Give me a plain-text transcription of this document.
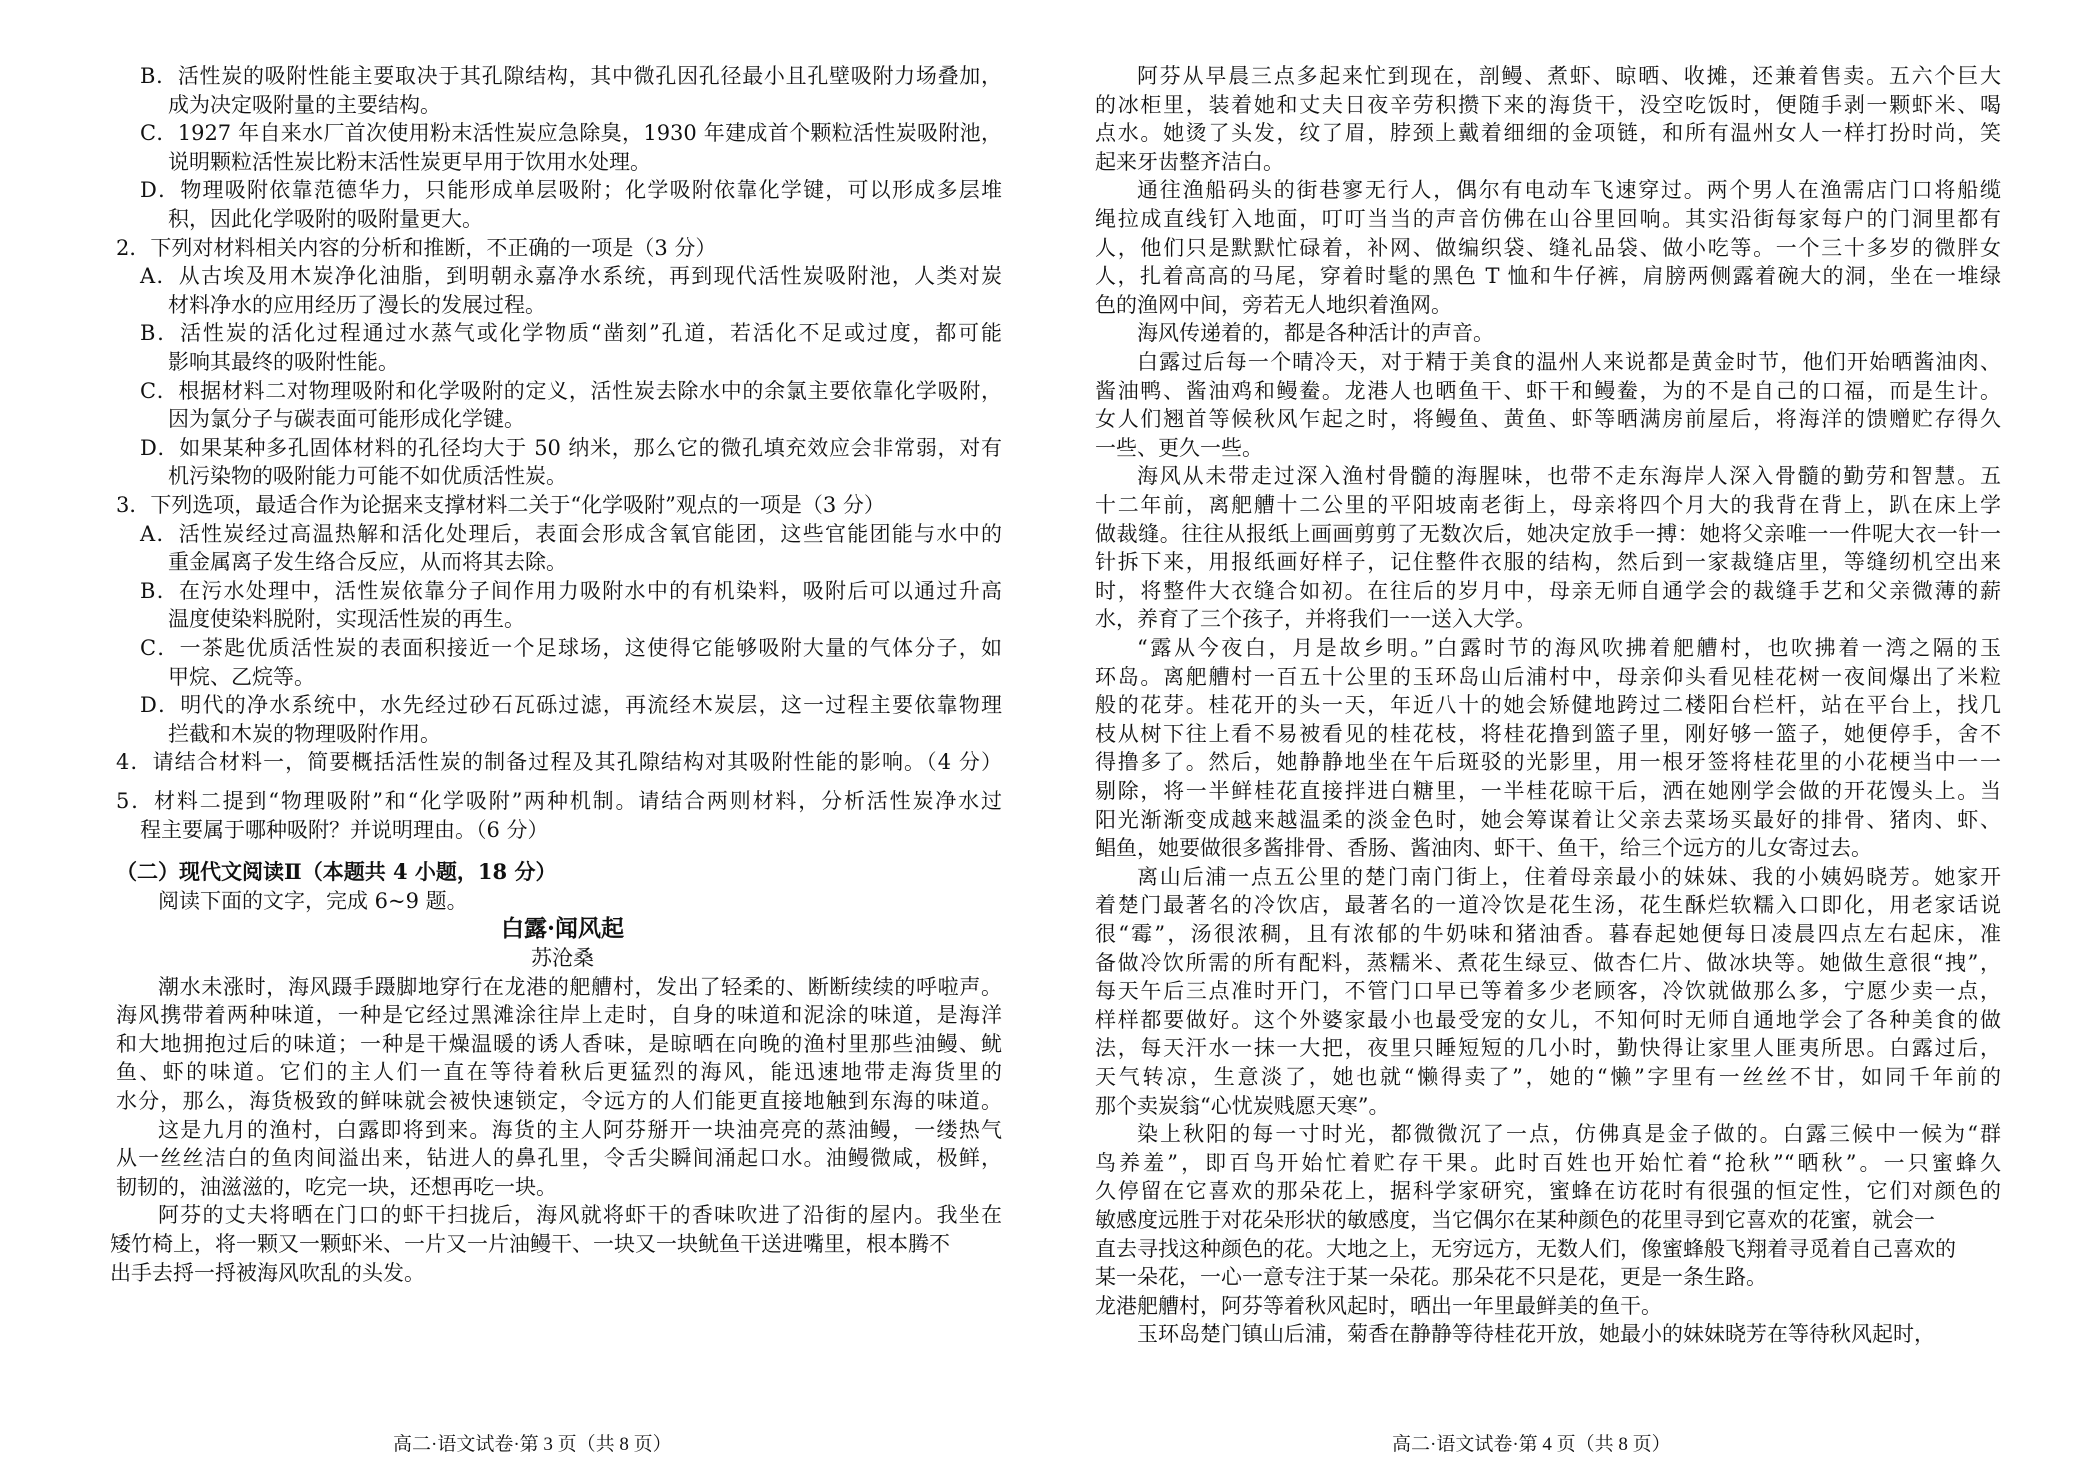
B．活性炭的吸附性能主要取决于其孔隙结构，其中微孔因孔径最小且孔壁吸附力场叠加，
成为决定吸附量的主要结构。
C．1927 年自来水厂首次使用粉末活性炭应急除臭，1930 年建成首个颗粒活性炭吸附池，
说明颗粒活性炭比粉末活性炭更早用于饮用水处理。
D．物理吸附依靠范德华力，只能形成单层吸附；化学吸附依靠化学键，可以形成多层堆
积，因此化学吸附的吸附量更大。
2．下列对材料相关内容的分析和推断，不正确的一项是（3 分）
A．从古埃及用木炭净化油脂，到明朝永嘉净水系统，再到现代活性炭吸附池，人类对炭
材料净水的应用经历了漫长的发展过程。
B．活性炭的活化过程通过水蒸气或化学物质“凿刻”孔道，若活化不足或过度，都可能
影响其最终的吸附性能。
C．根据材料二对物理吸附和化学吸附的定义，活性炭去除水中的余氯主要依靠化学吸附，
因为氯分子与碳表面可能形成化学键。
D．如果某种多孔固体材料的孔径均大于 50 纳米，那么它的微孔填充效应会非常弱，对有
机污染物的吸附能力可能不如优质活性炭。
3．下列选项，最适合作为论据来支撑材料二关于“化学吸附”观点的一项是（3 分）
A．活性炭经过高温热解和活化处理后，表面会形成含氧官能团，这些官能团能与水中的
重金属离子发生络合反应，从而将其去除。
B．在污水处理中，活性炭依靠分子间作用力吸附水中的有机染料，吸附后可以通过升高
温度使染料脱附，实现活性炭的再生。
C．一茶匙优质活性炭的表面积接近一个足球场，这使得它能够吸附大量的气体分子，如
甲烷、乙烷等。
D．明代的净水系统中，水先经过砂石瓦砾过滤，再流经木炭层，这一过程主要依靠物理
拦截和木炭的物理吸附作用。
4．请结合材料一，简要概括活性炭的制备过程及其孔隙结构对其吸附性能的影响。（4 分）
5．材料二提到“物理吸附”和“化学吸附”两种机制。请结合两则材料，分析活性炭净水过
程主要属于哪种吸附？并说明理由。（6 分）
（二）现代文阅读Ⅱ（本题共 4 小题，18 分）
阅读下面的文字，完成 6~9 题。
白露·闻风起
苏沧桑
潮水未涨时，海风蹑手蹑脚地穿行在龙港的舥艚村，发出了轻柔的、断断续续的呼啦声。
海风携带着两种味道，一种是它经过黑滩涂往岸上走时，自身的味道和泥涂的味道，是海洋
和大地拥抱过后的味道；一种是干燥温暖的诱人香味，是晾晒在向晚的渔村里那些油鳗、鱿
鱼、虾的味道。它们的主人们一直在等待着秋后更猛烈的海风，能迅速地带走海货里的
水分，那么，海货极致的鲜味就会被快速锁定，令远方的人们能更直接地触到东海的味道。
这是九月的渔村，白露即将到来。海货的主人阿芬掰开一块油亮亮的蒸油鳗，一缕热气
从一丝丝洁白的鱼肉间溢出来，钻进人的鼻孔里，令舌尖瞬间涌起口水。油鳗微咸，极鲜，
韧韧的，油滋滋的，吃完一块，还想再吃一块。
阿芬的丈夫将晒在门口的虾干扫拢后，海风就将虾干的香味吹进了沿街的屋内。我坐在
阿芬从早晨三点多起来忙到现在，剖鳗、煮虾、晾晒、收摊，还兼着售卖。五六个巨大
的冰柜里，装着她和丈夫日夜辛劳积攒下来的海货干，没空吃饭时，便随手剥一颗虾米、喝
点水。她烫了头发，纹了眉，脖颈上戴着细细的金项链，和所有温州女人一样打扮时尚，笑
起来牙齿整齐洁白。
通往渔船码头的街巷寥无行人，偶尔有电动车飞速穿过。两个男人在渔需店门口将船缆
绳拉成直线钉入地面，叮叮当当的声音仿佛在山谷里回响。其实沿街每家每户的门洞里都有
人，他们只是默默忙碌着，补网、做编织袋、缝礼品袋、做小吃等。一个三十多岁的微胖女
人，扎着高高的马尾，穿着时髦的黑色 T 恤和牛仔裤，肩膀两侧露着碗大的洞，坐在一堆绿
色的渔网中间，旁若无人地织着渔网。
海风传递着的，都是各种活计的声音。
白露过后每一个晴冷天，对于精于美食的温州人来说都是黄金时节，他们开始晒酱油肉、
酱油鸭、酱油鸡和鳗鲞。龙港人也晒鱼干、虾干和鳗鲞，为的不是自己的口福，而是生计。
女人们翘首等候秋风乍起之时，将鳗鱼、黄鱼、虾等晒满房前屋后，将海洋的馈赠贮存得久
一些、更久一些。
海风从未带走过深入渔村骨髓的海腥味，也带不走东海岸人深入骨髓的勤劳和智慧。五
十二年前，离舥艚十二公里的平阳坡南老街上，母亲将四个月大的我背在背上，趴在床上学
做裁缝。往往从报纸上画画剪剪了无数次后，她决定放手一搏：她将父亲唯一一件呢大衣一针一
针拆下来，用报纸画好样子，记住整件衣服的结构，然后到一家裁缝店里，等缝纫机空出来
时，将整件大衣缝合如初。在往后的岁月中，母亲无师自通学会的裁缝手艺和父亲微薄的薪
水，养育了三个孩子，并将我们一一送入大学。
“露从今夜白，月是故乡明。”白露时节的海风吹拂着舥艚村，也吹拂着一湾之隔的玉
环岛。离舥艚村一百五十公里的玉环岛山后浦村中，母亲仰头看见桂花树一夜间爆出了米粒
般的花芽。桂花开的头一天，年近八十的她会矫健地跨过二楼阳台栏杆，站在平台上，找几
枝从树下往上看不易被看见的桂花枝，将桂花撸到篮子里，刚好够一篮子，她便停手，舍不
得撸多了。然后，她静静地坐在午后斑驳的光影里，用一根牙签将桂花里的小花梗当中一一
剔除，将一半鲜桂花直接拌进白糖里，一半桂花晾干后，洒在她刚学会做的开花馒头上。当
阳光渐渐变成越来越温柔的淡金色时，她会筹谋着让父亲去菜场买最好的排骨、猪肉、虾、
鲳鱼，她要做很多酱排骨、香肠、酱油肉、虾干、鱼干，给三个远方的儿女寄过去。
离山后浦一点五公里的楚门南门街上，住着母亲最小的妹妹、我的小姨妈晓芳。她家开
着楚门最著名的冷饮店，最著名的一道冷饮是花生汤，花生酥烂软糯入口即化，用老家话说
很“霉”，汤很浓稠，且有浓郁的牛奶味和猪油香。暮春起她便每日凌晨四点左右起床，准
备做冷饮所需的所有配料，蒸糯米、煮花生绿豆、做杏仁片、做冰块等。她做生意很“拽”，
每天午后三点准时开门，不管门口早已等着多少老顾客，冷饮就做那么多，宁愿少卖一点，
样样都要做好。这个外婆家最小也最受宠的女儿，不知何时无师自通地学会了各种美食的做
法，每天汗水一抹一大把，夜里只睡短短的几小时，勤快得让家里人匪夷所思。白露过后，
天气转凉，生意淡了，她也就“懒得卖了”，她的“懒”字里有一丝丝不甘，如同千年前的
那个卖炭翁“心忧炭贱愿天寒”。
染上秋阳的每一寸时光，都微微沉了一点，仿佛真是金子做的。白露三候中一候为“群
鸟养羞”，即百鸟开始忙着贮存干果。此时百姓也开始忙着“抢秋”“晒秋”。一只蜜蜂久
久停留在它喜欢的那朵花上，据科学家研究，蜜蜂在访花时有很强的恒定性，它们对颜色的
敏感度远胜于对花朵形状的敏感度，当它偶尔在某种颜色的花里寻到它喜欢的花蜜，就会一
直去寻找这种颜色的花。大地之上，无穷远方，无数人们，像蜜蜂般飞翔着寻觅着自己喜欢的
某一朵花，一心一意专注于某一朵花。那朵花不只是花，更是一条生路。
龙港舥艚村，阿芬等着秋风起时，晒出一年里最鲜美的鱼干。
玉环岛楚门镇山后浦，菊香在静静等待桂花开放，她最小的妹妹晓芳在等待秋风起时，
矮竹椅上，将一颗又一颗虾米、一片又一片油鳗干、一块又一块鱿鱼干送进嘴里，根本腾不
出手去捋一捋被海风吹乱的头发。
高二·语文试卷·第 3 页（共 8 页）	高二·语文试卷·第 4 页（共 8 页）
